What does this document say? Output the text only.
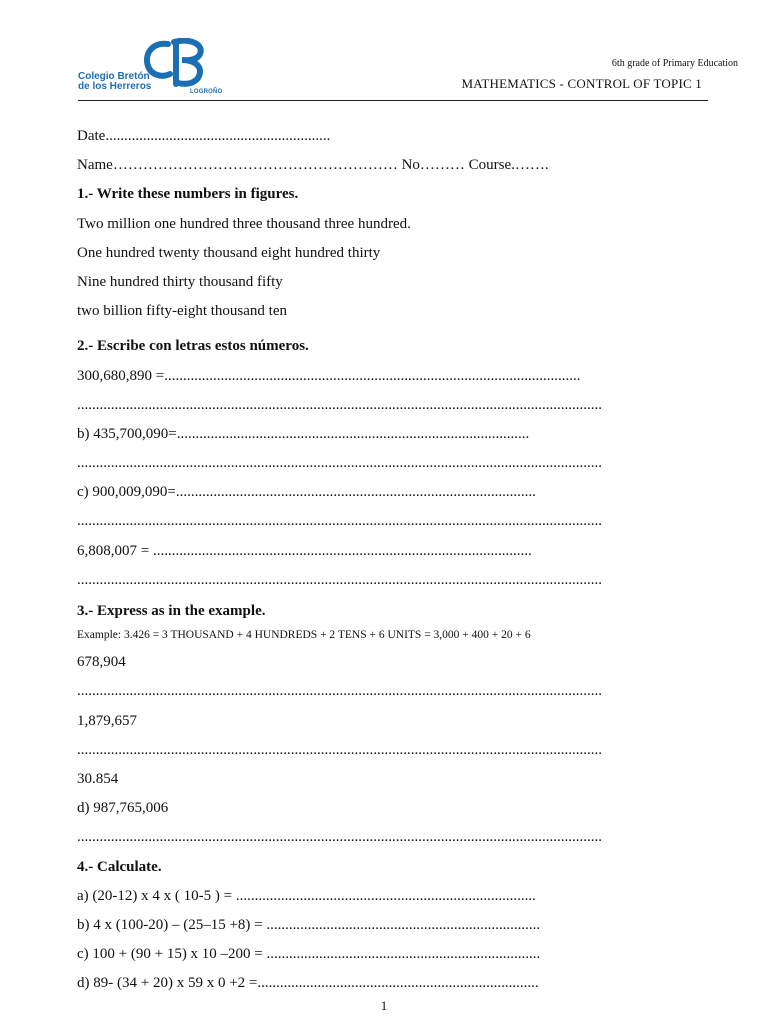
Colegio Bretón
de los Herreros	LOGROÑO
6th grade of Primary Education
MATHEMATICS - CONTROL OF TOPIC 1
Date............................................................
Name………………………………………………… No……… Course.…….
1.- Write these numbers in figures.
Two million one hundred three thousand three hundred.
One hundred twenty thousand eight hundred thirty
Nine hundred thirty thousand fifty
two billion fifty-eight thousand ten
2.- Escribe con letras estos números.
300,680,890 =...............................................................................................................
............................................................................................................................................
b) 435,700,090=..............................................................................................
............................................................................................................................................
c) 900,009,090=................................................................................................
............................................................................................................................................
6,808,007 = .....................................................................................................
............................................................................................................................................
3.- Express as in the example.
Example: 3.426 = 3 THOUSAND + 4 HUNDREDS + 2 TENS + 6 UNITS = 3,000 + 400 + 20 + 6
678,904
............................................................................................................................................
1,879,657
............................................................................................................................................
30.854
d) 987,765,006
............................................................................................................................................
4.- Calculate.
a) (20-12) x 4 x ( 10-5 ) = ................................................................................
b) 4 x (100-20) – (25–15 +8) = .........................................................................
c) 100 + (90 + 15) x 10 –200 = .........................................................................
d) 89- (34 + 20) x 59 x 0 +2 =...........................................................................
1
